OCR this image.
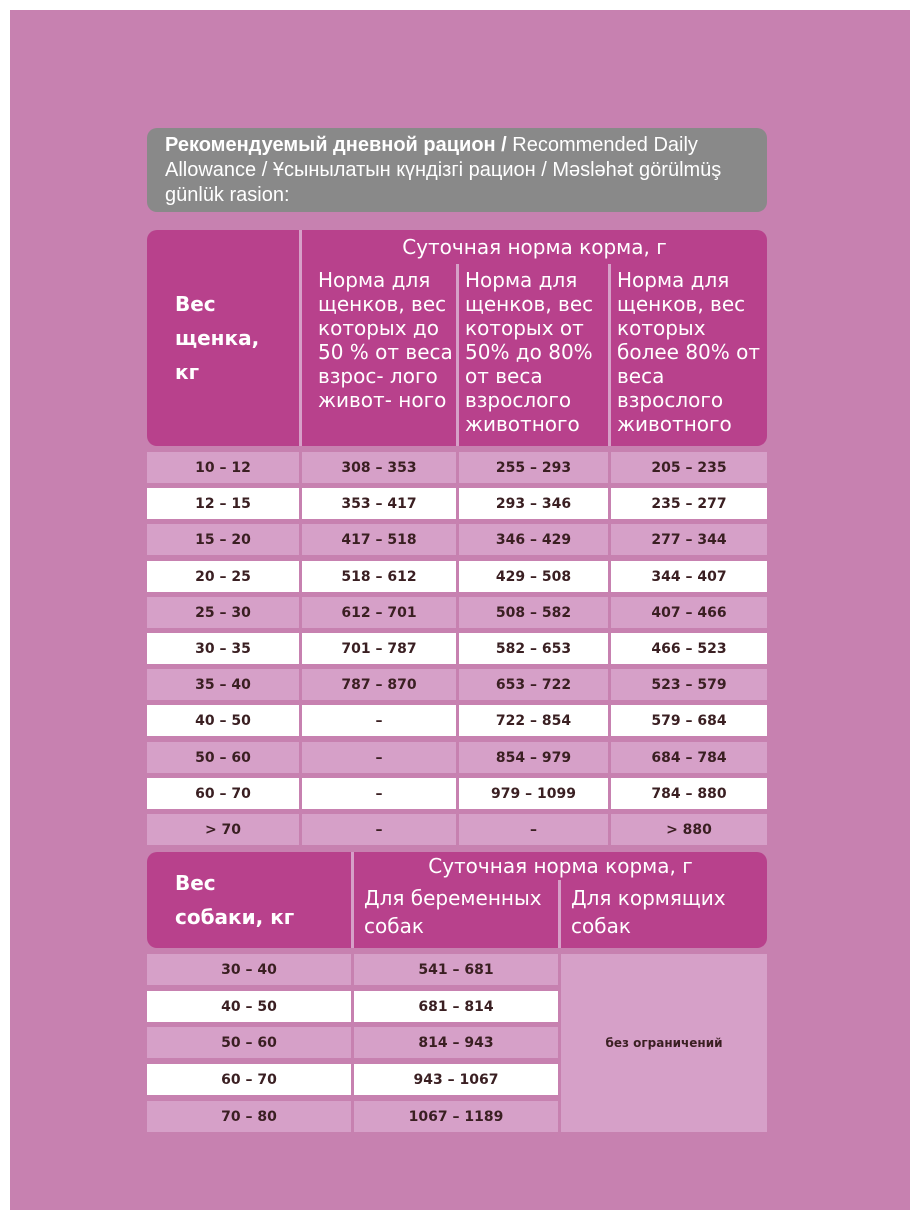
Рекомендуемый дневной рацион / Recommended Daily Allowance / Ұсынылатын күндізгі рацион / Məsləhət görülmüş günlük rasion:
Вес щенка, кг
Суточная норма корма, г
Норма для щенков, вес которых до 50 % от веса взрос- лого живот- ного
Норма для щенков, вес которых от 50% до 80% от веса взрослого животного
Норма для щенков, вес которых более 80% от веса взрослого животного
10 – 12	308 – 353	255 – 293	205 – 235
12 – 15	353 – 417	293 – 346	235 – 277
15 – 20	417 – 518	346 – 429	277 – 344
20 – 25	518 – 612	429 – 508	344 – 407
25 – 30	612 – 701	508 – 582	407 – 466
30 – 35	701 – 787	582 – 653	466 – 523
35 – 40	787 – 870	653 – 722	523 – 579
40 – 50	–	722 – 854	579 – 684
50 – 60	–	854 – 979	684 – 784
60 – 70	–	979 – 1099	784 – 880
> 70	–	–	> 880
Вес собаки, кг
Суточная норма корма, г
Для беременных собак
Для кормящих собак
30 – 40	541 – 681
40 – 50	681 – 814
50 – 60	814 – 943
60 – 70	943 – 1067
70 – 80	1067 – 1189
без ограничений
